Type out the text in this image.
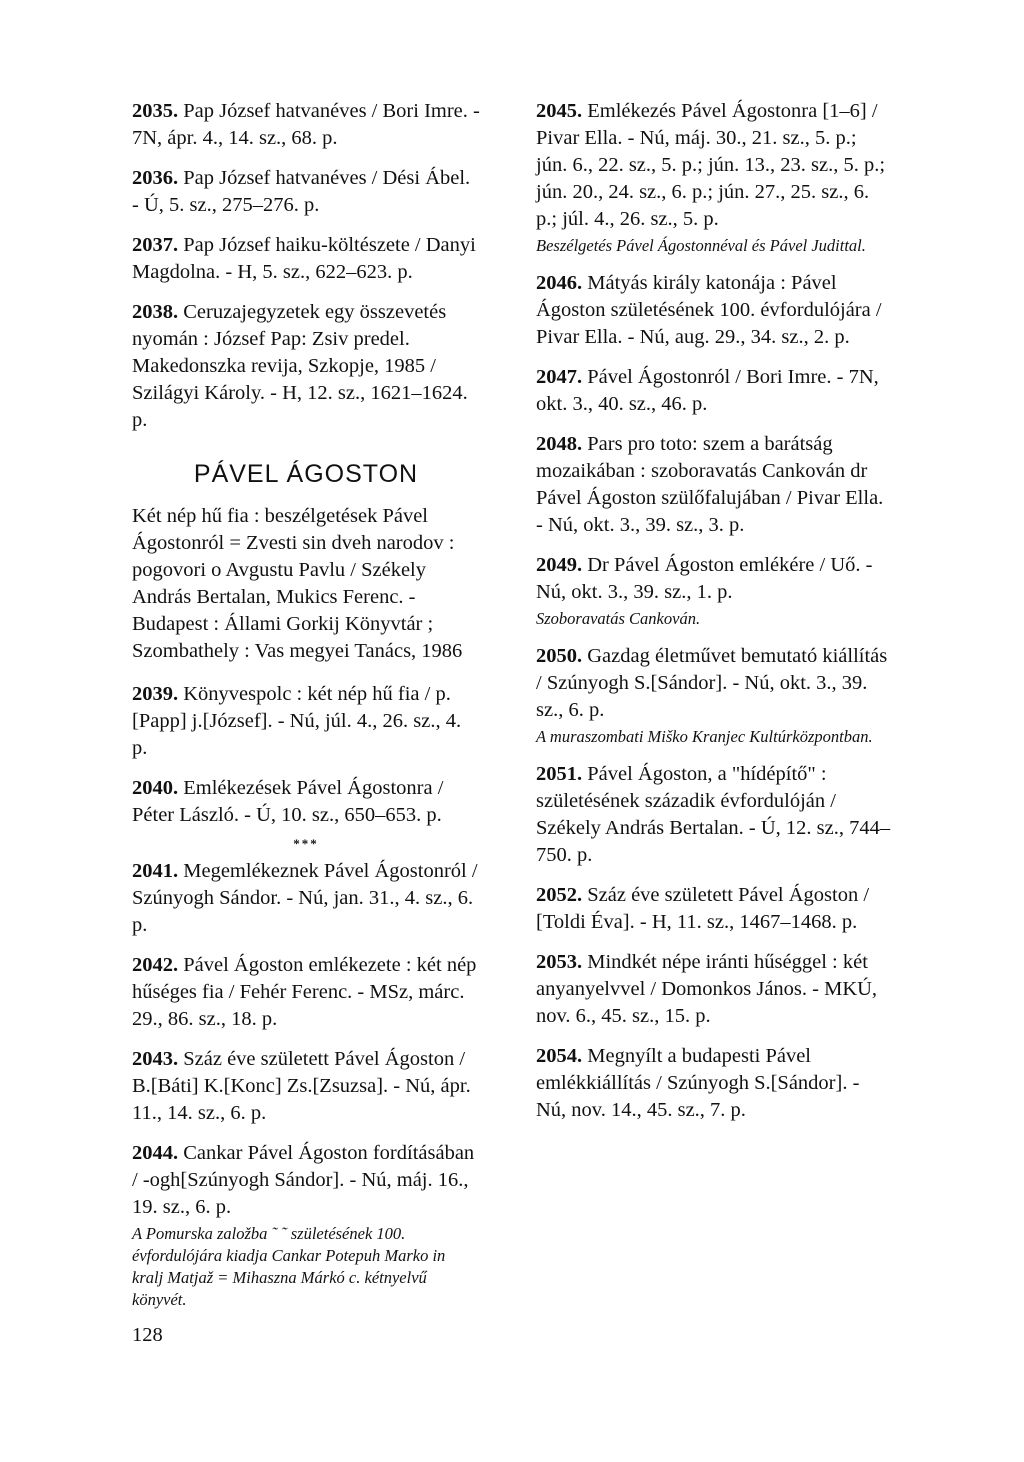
2035. Pap József hatvanéves / Bori Imre. - 7N, ápr. 4., 14. sz., 68. p.
2036. Pap József hatvanéves / Dési Ábel. - Ú, 5. sz., 275–276. p.
2037. Pap József haiku-költészete / Danyi Magdolna. - H, 5. sz., 622–623. p.
2038. Ceruzajegyzetek egy összevetés nyomán : József Pap: Zsiv predel. Makedonszka revija, Szkopje, 1985 / Szilágyi Károly. - H, 12. sz., 1621–1624. p.
PÁVEL ÁGOSTON
Két nép hű fia : beszélgetések Pável Ágostonról = Zvesti sin dveh narodov : pogovori o Avgustu Pavlu / Székely András Bertalan, Mukics Ferenc. - Budapest : Állami Gorkij Könyvtár ; Szombathely : Vas megyei Tanács, 1986
2039. Könyvespolc : két nép hű fia / p.[Papp] j.[József]. - Nú, júl. 4., 26. sz., 4. p.
2040. Emlékezések Pável Ágostonra / Péter László. - Ú, 10. sz., 650–653. p.
***
2041. Megemlékeznek Pável Ágostonról / Szúnyogh Sándor. - Nú, jan. 31., 4. sz., 6. p.
2042. Pável Ágoston emlékezete : két nép hűséges fia / Fehér Ferenc. - MSz, márc. 29., 86. sz., 18. p.
2043. Száz éve született Pável Ágoston / B.[Báti] K.[Konc] Zs.[Zsuzsa]. - Nú, ápr. 11., 14. sz., 6. p.
2044. Cankar Pável Ágoston fordításában / -ogh[Szúnyogh Sándor]. - Nú, máj. 16., 19. sz., 6. p.
A Pomurska založba ˜ ˜ születésének 100. évfordulójára kiadja Cankar Potepuh Marko in kralj Matjaž = Mihaszna Márkó c. kétnyelvű könyvét.
2045. Emlékezés Pável Ágostonra [1–6] / Pivar Ella. - Nú, máj. 30., 21. sz., 5. p.; jún. 6., 22. sz., 5. p.; jún. 13., 23. sz., 5. p.; jún. 20., 24. sz., 6. p.; jún. 27., 25. sz., 6. p.; júl. 4., 26. sz., 5. p.
Beszélgetés Pável Ágostonnéval és Pável Judittal.
2046. Mátyás király katonája : Pável Ágoston születésének 100. évfordulójára / Pivar Ella. - Nú, aug. 29., 34. sz., 2. p.
2047. Pável Ágostonról / Bori Imre. - 7N, okt. 3., 40. sz., 46. p.
2048. Pars pro toto: szem a barátság mozaikában : szoboravatás Cankován dr Pável Ágoston szülőfalujában / Pivar Ella. - Nú, okt. 3., 39. sz., 3. p.
2049. Dr Pável Ágoston emlékére / Uő. - Nú, okt. 3., 39. sz., 1. p.
Szoboravatás Cankován.
2050. Gazdag életművet bemutató kiállítás / Szúnyogh S.[Sándor]. - Nú, okt. 3., 39. sz., 6. p.
A muraszombati Miško Kranjec Kultúrközpontban.
2051. Pável Ágoston, a "hídépítő" : születésének századik évfordulóján / Székely András Bertalan. - Ú, 12. sz., 744–750. p.
2052. Száz éve született Pável Ágoston / [Toldi Éva]. - H, 11. sz., 1467–1468. p.
2053. Mindkét népe iránti hűséggel : két anyanyelvvel / Domonkos János. - MKÚ, nov. 6., 45. sz., 15. p.
2054. Megnyílt a budapesti Pável emlékkiállítás / Szúnyogh S.[Sándor]. - Nú, nov. 14., 45. sz., 7. p.
128
